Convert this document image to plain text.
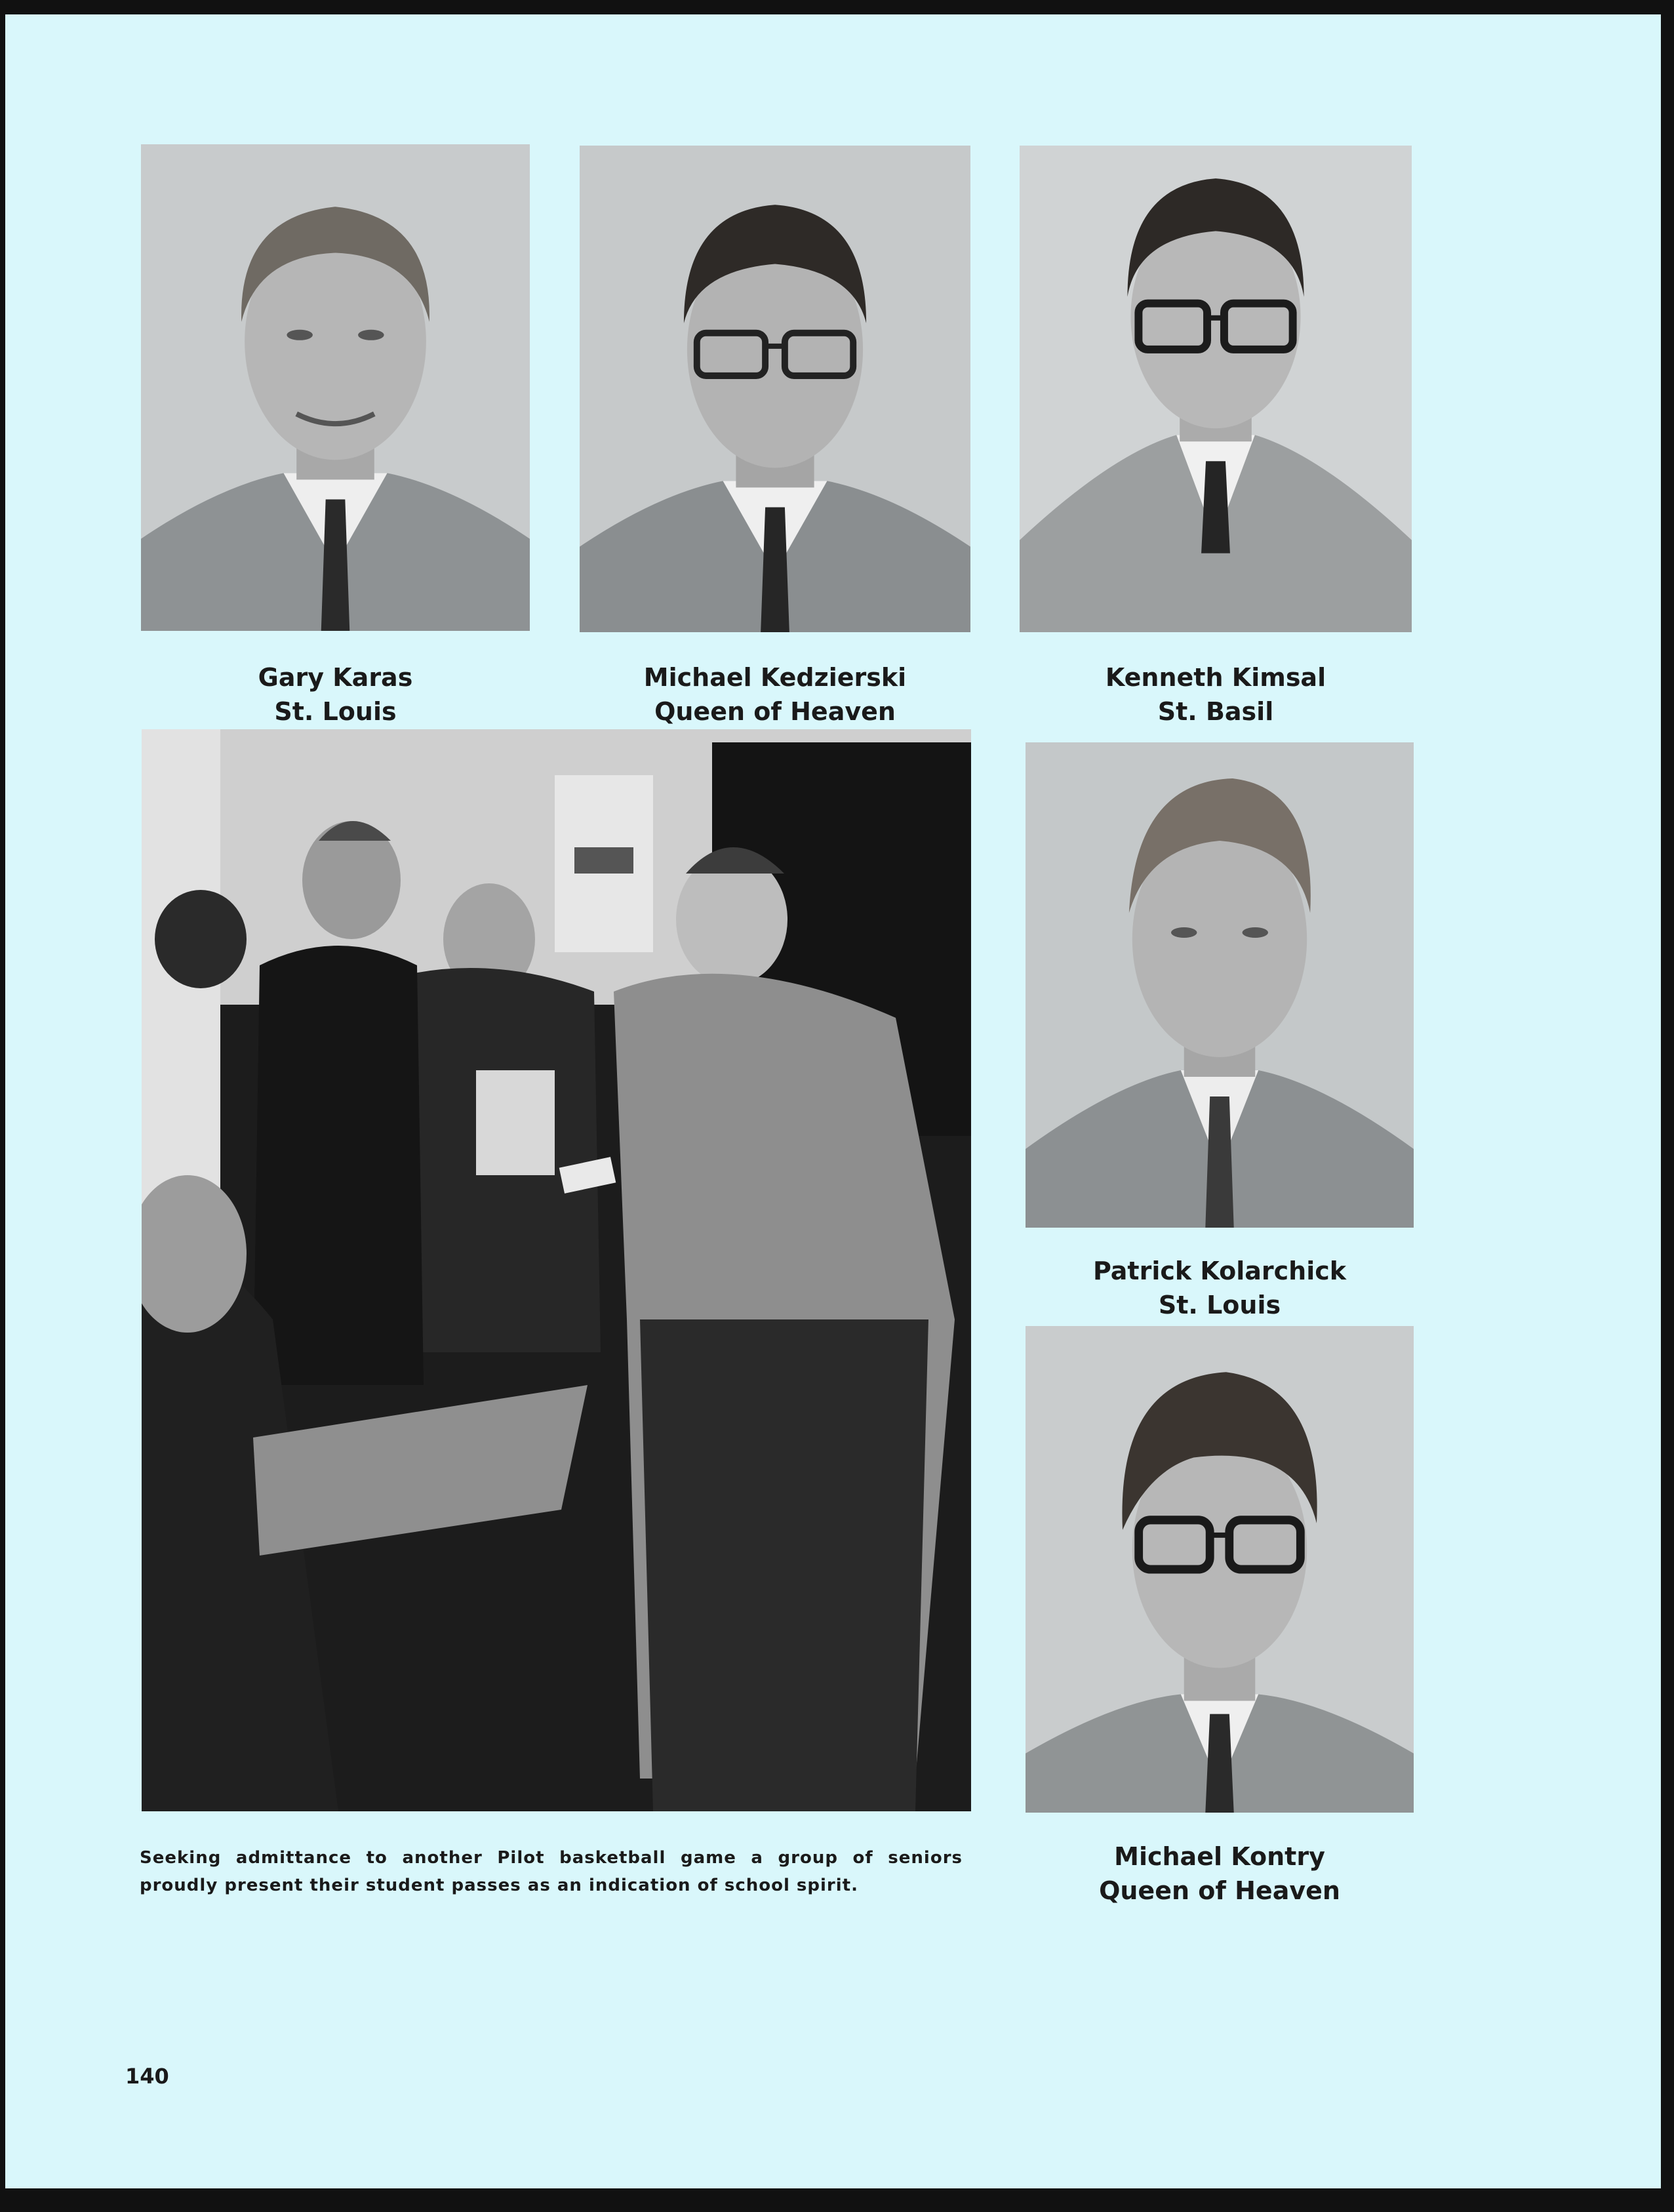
Gary Karas
St. Louis
Michael Kedzierski
Queen of Heaven
Kenneth Kimsal
St. Basil
Seeking admittance to another Pilot basketball game a group of seniors proudly present their student passes as an indication of school spirit.
Patrick Kolarchick
St. Louis
Michael Kontry
Queen of Heaven
140
